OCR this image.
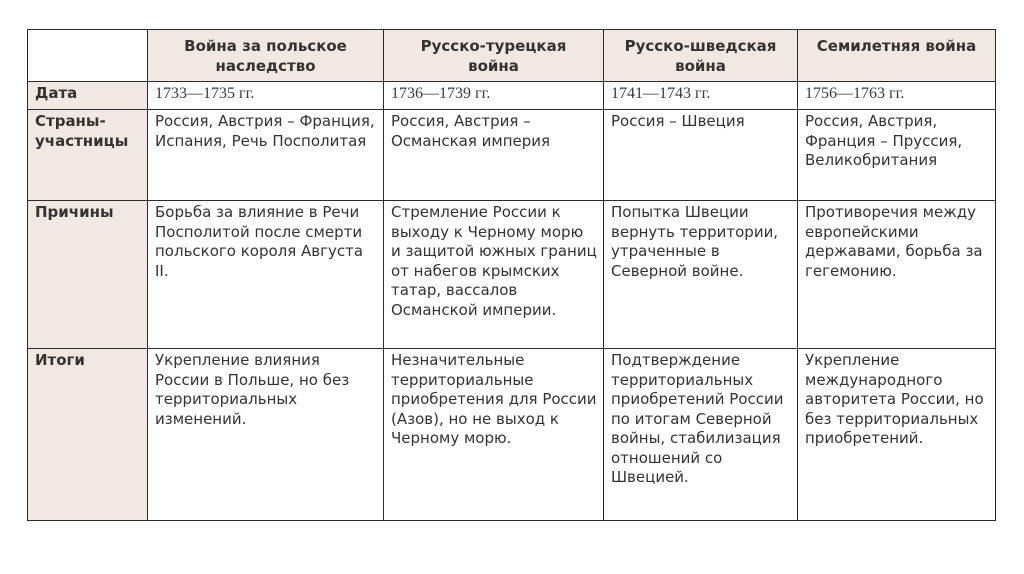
	Война за польское наследство	Русско-турецкая война	Русско-шведская война	Семилетняя война
Дата	1733—1735 гг.	1736—1739 гг.	1741—1743 гг.	1756—1763 гг.
Страны-участницы	Россия, Австрия – Франция, Испания, Речь Посполитая	Россия, Австрия – Османская империя	Россия – Швеция	Россия, Австрия, Франция – Пруссия, Великобритания
Причины	Борьба за влияние в Речи Посполитой после смерти польского короля Августа II.	Стремление России к выходу к Черному морю и защитой южных границ от набегов крымских татар, вассалов Османской империи.	Попытка Швеции вернуть территории, утраченные в Северной войне.	Противоречия между европейскими державами, борьба за гегемонию.
Итоги	Укрепление влияния России в Польше, но без территориальных изменений.	Незначительные территориальные приобретения для России (Азов), но не выход к Черному морю.	Подтверждение территориальных приобретений России по итогам Северной войны, стабилизация отношений со Швецией.	Укрепление международного авторитета России, но без территориальных приобретений.
